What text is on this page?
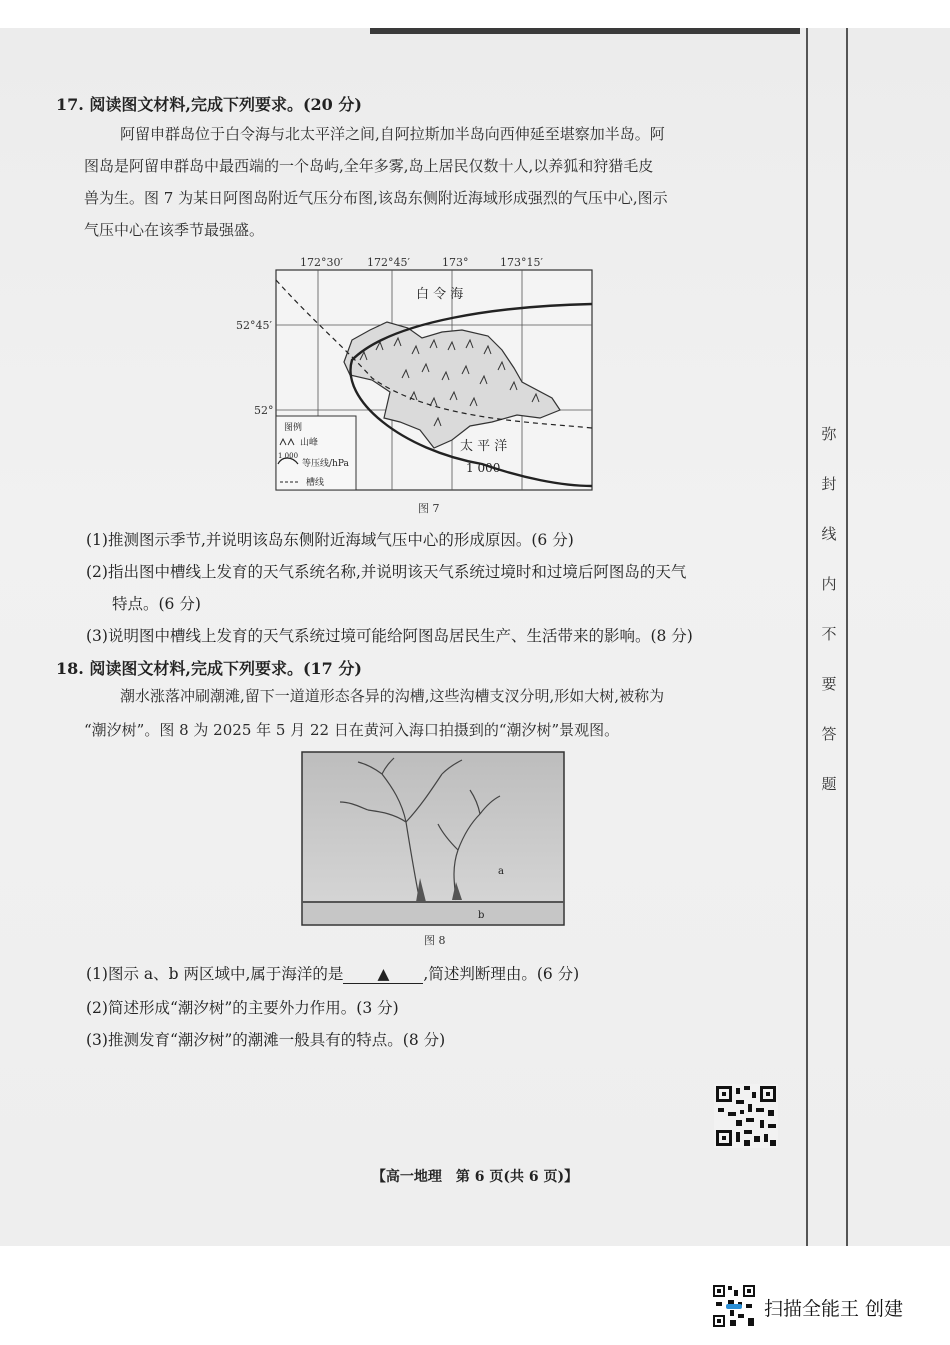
弥
封
线
内
不
要
答
题
17. 阅读图文材料,完成下列要求。(20 分)
阿留申群岛位于白令海与北太平洋之间,自阿拉斯加半岛向西伸延至堪察加半岛。阿
图岛是阿留申群岛中最西端的一个岛屿,全年多雾,岛上居民仅数十人,以养狐和狩猎毛皮
兽为生。图 7 为某日阿图岛附近气压分布图,该岛东侧附近海域形成强烈的气压中心,图示
气压中心在该季节最强盛。
172°30′ 172°45′	173°	173°15′
52°45′
52°
白 令 海
太 平 洋
1 000
图例
山峰
1 000
等压线/hPa
槽线
图 7
(1)推测图示季节,并说明该岛东侧附近海域气压中心的形成原因。(6 分)
(2)指出图中槽线上发育的天气系统名称,并说明该天气系统过境时和过境后阿图岛的天气
特点。(6 分)
(3)说明图中槽线上发育的天气系统过境可能给阿图岛居民生产、生活带来的影响。(8 分)
18. 阅读图文材料,完成下列要求。(17 分)
潮水涨落冲刷潮滩,留下一道道形态各异的沟槽,这些沟槽支汊分明,形如大树,被称为
“潮汐树”。图 8 为 2025 年 5 月 22 日在黄河入海口拍摄到的“潮汐树”景观图。
a
b
图 8
(1)图示 a、b 两区域中,属于海洋的是 ▲ ,简述判断理由。(6 分)
(2)简述形成“潮汐树”的主要外力作用。(3 分)
(3)推测发育“潮汐树”的潮滩一般具有的特点。(8 分)
【高一地理　第 6 页(共 6 页)】
扫描全能王 创建
